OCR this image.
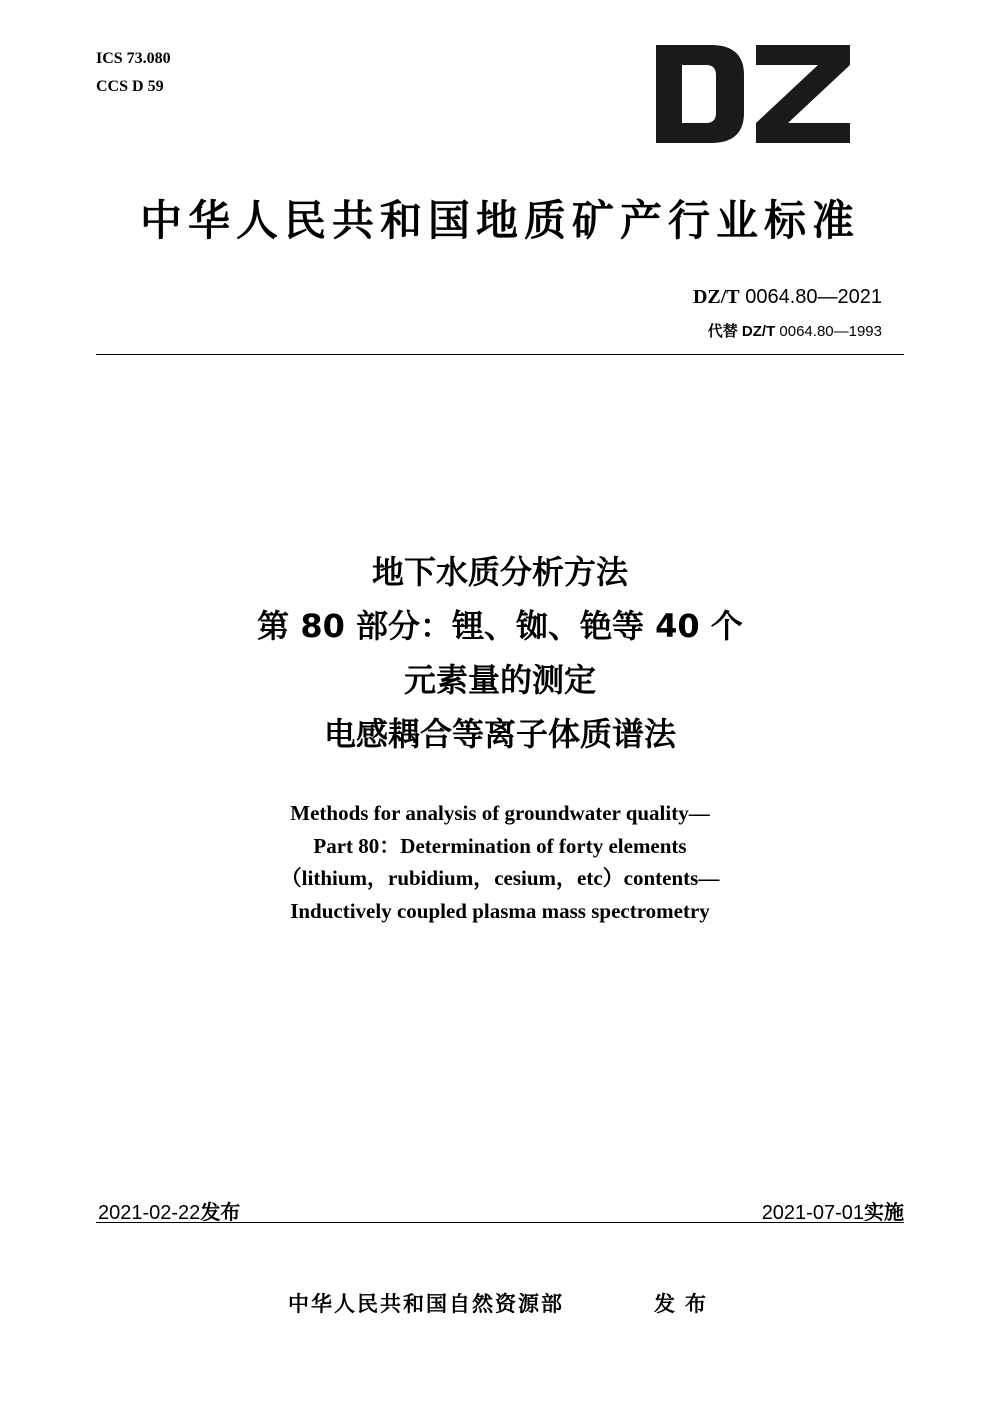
ICS 73.080
CCS D 59
中华人民共和国地质矿产行业标准
DZ/T 0064.80—2021
代替 DZ/T 0064.80—1993
地下水质分析方法
第 80 部分：锂、铷、铯等 40 个
元素量的测定
电感耦合等离子体质谱法
Methods for analysis of groundwater quality—
Part 80：Determination of forty elements
（lithium，rubidium，cesium，etc）contents—
Inductively coupled plasma mass spectrometry
2021-02-22发布	2021-07-01实施
中华人民共和国自然资源部	发布
